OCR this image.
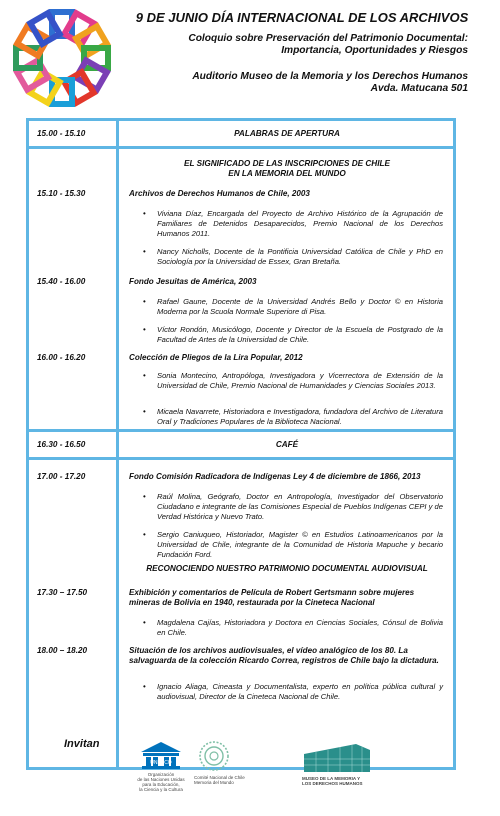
9 DE JUNIO DÍA INTERNACIONAL DE LOS ARCHIVOS
Coloquio sobre Preservación del Patrimonio Documental:
Importancia, Oportunidades y Riesgos
Auditorio Museo de la Memoria y los Derechos Humanos
Avda. Matucana 501
15.00 - 15.10	PALABRAS DE APERTURA
EL SIGNIFICADO DE LAS INSCRIPCIONES DE CHILE
EN LA MEMORIA DEL MUNDO
15.10 - 15.30	Archivos de Derechos Humanos de Chile, 2003
• Viviana Díaz, Encargada del Proyecto de Archivo Histórico de la Agrupación de Familiares de Detenidos Desaparecidos, Premio Nacional de los Derechos Humanos 2011.
• Nancy Nicholls, Docente de la Pontificia Universidad Católica de Chile y PhD en Sociología por la Universidad de Essex, Gran Bretaña.
15.40 - 16.00	Fondo Jesuitas de América, 2003
• Rafael Gaune, Docente de la Universidad Andrés Bello y Doctor © en Historia Moderna por la Scuola Normale Superiore di Pisa.
• Víctor Rondón, Musicólogo, Docente y Director de la Escuela de Postgrado de la Facultad de Artes de la Universidad de Chile.
16.00 - 16.20	Colección de Pliegos de la Lira Popular, 2012
• Sonia Montecino, Antropóloga, Investigadora y Vicerrectora de Extensión de la Universidad de Chile, Premio Nacional de Humanidades y Ciencias Sociales 2013.
• Micaela Navarrete, Historiadora e Investigadora, fundadora del Archivo de Literatura Oral y Tradiciones Populares de la Biblioteca Nacional.
16.30 - 16.50	CAFÉ
17.00 - 17.20	Fondo Comisión Radicadora de Indígenas Ley 4 de diciembre de 1866, 2013
• Raúl Molina, Geógrafo, Doctor en Antropología, Investigador del Observatorio Ciudadano e integrante de las Comisiones Especial de Pueblos Indígenas CEPI y de Verdad Histórica y Nuevo Trato.
• Sergio Caniuqueo, Historiador, Magister © en Estudios Latinoamericanos por la Universidad de Chile, integrante de la Comunidad de Historia Mapuche y becario Fundación Ford.
RECONOCIENDO NUESTRO PATRIMONIO DOCUMENTAL AUDIOVISUAL
17.30 – 17.50	Exhibición y comentarios de Película de Robert Gertsmann sobre mujeres mineras de Bolivia en 1940, restaurada por la Cineteca Nacional
• Magdalena Cajías, Historiadora y Doctora en Ciencias Sociales, Cónsul de Bolivia en Chile.
18.00 – 18.20	Situación de los archivos audiovisuales, el vídeo analógico de los 80. La salvaguarda de la colección Ricardo Correa, registros de Chile bajo la dictadura.
• Ignacio Aliaga, Cineasta y Documentalista, experto en política pública cultural y audiovisual, Director de la Cineteca Nacional de Chile.
Invitan
UNESCO
Organización
de las Naciones Unidas
para la Educación,
la Ciencia y la Cultura
Comité Nacional de Chile
Memoria del Mundo
MUSEO DE LA MEMORIA Y
LOS DERECHOS HUMANOS
